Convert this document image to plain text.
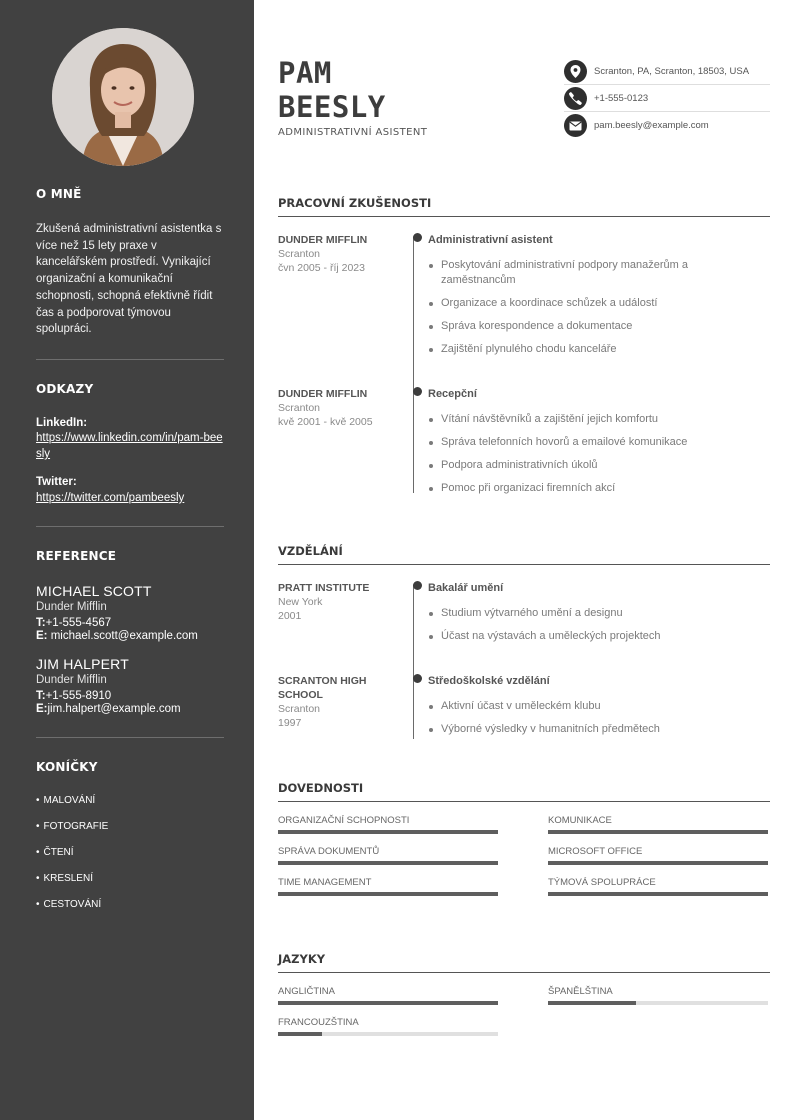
O MNĚ

Zkušená administrativní asistentka s více než 15 lety praxe v kancelářském prostředí. Vynikající organizační a komunikační schopnosti, schopná efektivně řídit čas a podporovat týmovou spolupráci.

ODKAZY
LinkedIn:
https://www.linkedin.com/in/pam-beesly
Twitter:
https://twitter.com/pambeesly
REFERENCE
MICHAEL SCOTT
Dunder Mifflin
T:+1-555-4567
E: michael.scott@example.com
JIM HALPERT
Dunder Mifflin
T:+1-555-8910
E:jim.halpert@example.com
KONÍČKY
• MALOVÁNÍ
• FOTOGRAFIE
• ČTENÍ
• KRESLENÍ
• CESTOVÁNÍ
PAM
BEESLY
ADMINISTRATIVNÍ ASISTENT
Scranton, PA, Scranton, 18503, USA
+1-555-0123
pam.beesly@example.com
PRACOVNÍ ZKUŠENOSTI
DUNDER MIFFLIN
Scranton
čvn 2005 - říj 2023
Administrativní asistent
Poskytování administrativní podpory manažerům a zaměstnancům
Organizace a koordinace schůzek a událostí
Správa korespondence a dokumentace
Zajištění plynulého chodu kanceláře
DUNDER MIFFLIN
Scranton
kvě 2001 - kvě 2005
Recepční
Vítání návštěvníků a zajištění jejich komfortu
Správa telefonních hovorů a emailové komunikace
Podpora administrativních úkolů
Pomoc při organizaci firemních akcí
VZDĚLÁNÍ
PRATT INSTITUTE
New York
2001
Bakalář umění
Studium výtvarného umění a designu
Účast na výstavách a uměleckých projektech
SCRANTON HIGH SCHOOL
Scranton
1997
Středoškolské vzdělání
Aktivní účast v uměleckém klubu
Výborné výsledky v humanitních předmětech
DOVEDNOSTI
ORGANIZAČNÍ SCHOPNOSTI	KOMUNIKACE
SPRÁVA DOKUMENTŮ	MICROSOFT OFFICE
TIME MANAGEMENT	TÝMOVÁ SPOLUPRÁCE
JAZYKY
ANGLIČTINA	ŠPANĚLŠTINA
FRANCOUZŠTINA
